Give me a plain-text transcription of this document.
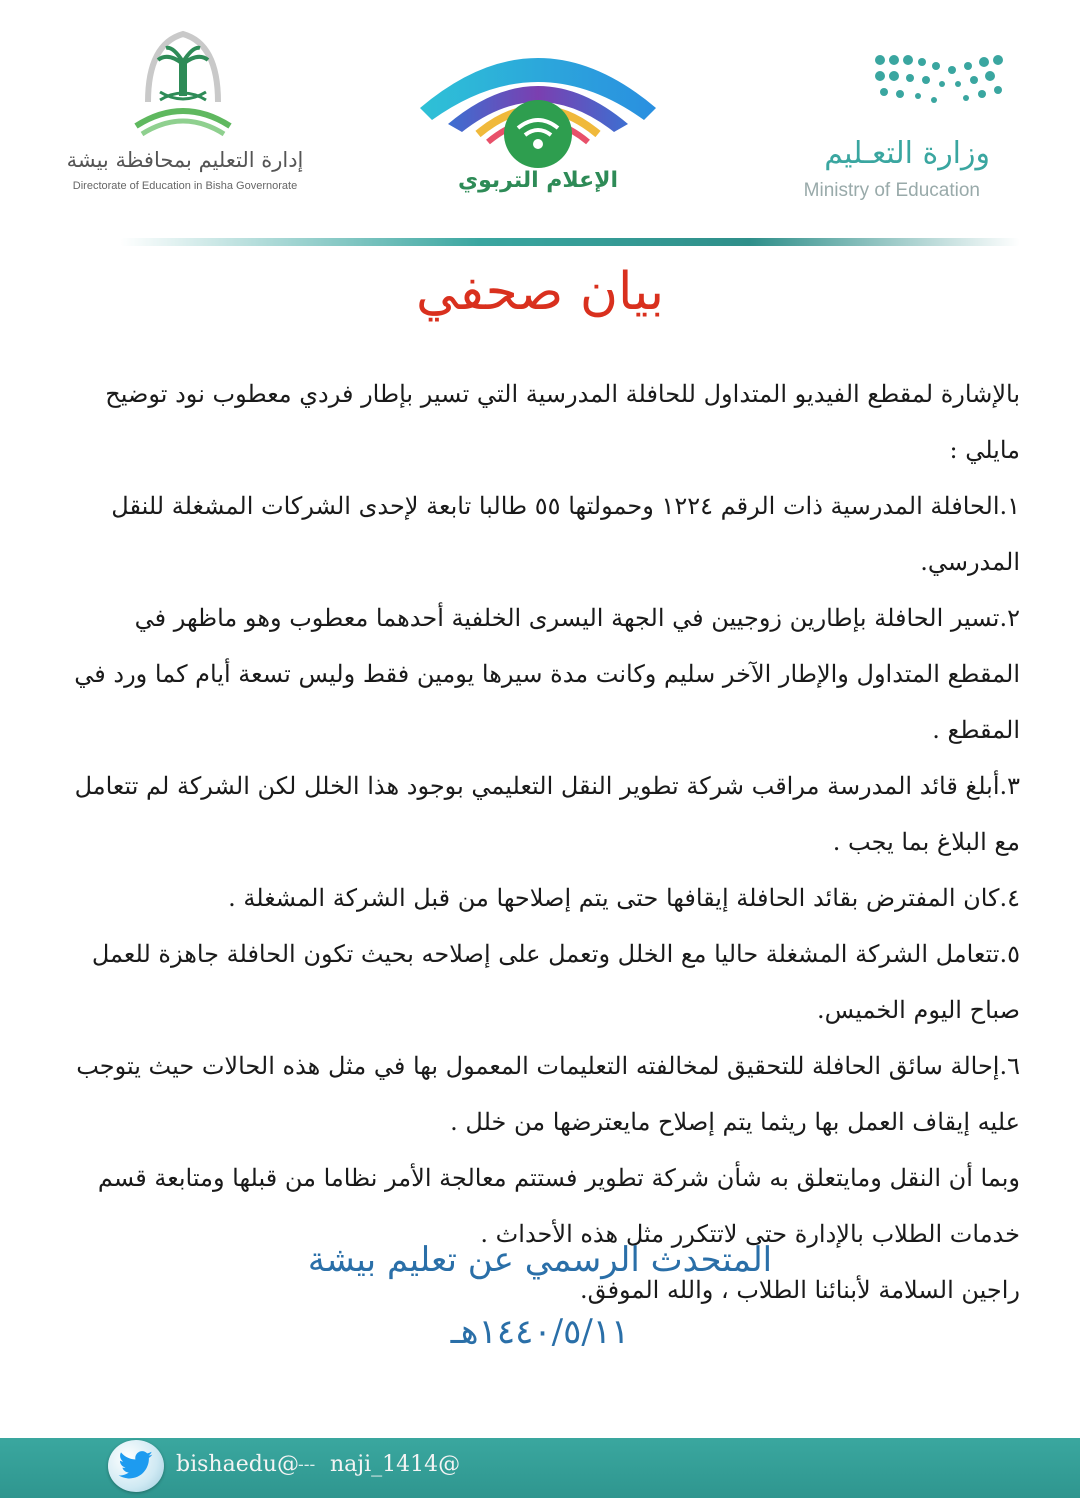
إدارة التعليم بمحافظة بيشة
Directorate of Education in Bisha Governorate	الإعلام التربوي
وزارة التعـليم
Ministry of Education
بيان صحفي

بالإشارة لمقطع الفيديو المتداول للحافلة المدرسية التي تسير بإطار فردي معطوب نود توضيح مايلي :

١.الحافلة المدرسية ذات الرقم ١٢٢٤ وحمولتها ٥٥ طالبا تابعة لإحدى الشركات المشغلة للنقل المدرسي.

٢.تسير الحافلة بإطارين زوجيين في الجهة اليسرى الخلفية أحدهما معطوب وهو ماظهر في المقطع المتداول والإطار الآخر سليم وكانت مدة سيرها يومين فقط وليس تسعة أيام كما ورد في المقطع .

٣.أبلغ قائد المدرسة مراقب شركة تطوير النقل التعليمي بوجود هذا الخلل لكن الشركة لم تتعامل مع البلاغ بما يجب .

٤.كان المفترض بقائد الحافلة إيقافها حتى يتم إصلاحها من قبل الشركة المشغلة .

٥.تتعامل الشركة المشغلة حاليا مع الخلل وتعمل على إصلاحه بحيث تكون الحافلة جاهزة للعمل صباح اليوم الخميس.

٦.إحالة سائق الحافلة للتحقيق لمخالفته التعليمات المعمول بها في مثل هذه الحالات حيث يتوجب عليه إيقاف العمل بها ريثما يتم إصلاح مايعترضها من خلل .

وبما أن النقل ومايتعلق به شأن شركة تطوير فستتم معالجة الأمر نظاما من قبلها ومتابعة قسم خدمات الطلاب بالإدارة حتى لاتتكرر مثل هذه الأحداث .

راجين السلامة لأبنائنا الطلاب ، والله الموفق.

المتحدث الرسمي عن تعليم بيشة
١٤٤٠/٥/١١هـ
bishaedu@ --- naji_1414@
